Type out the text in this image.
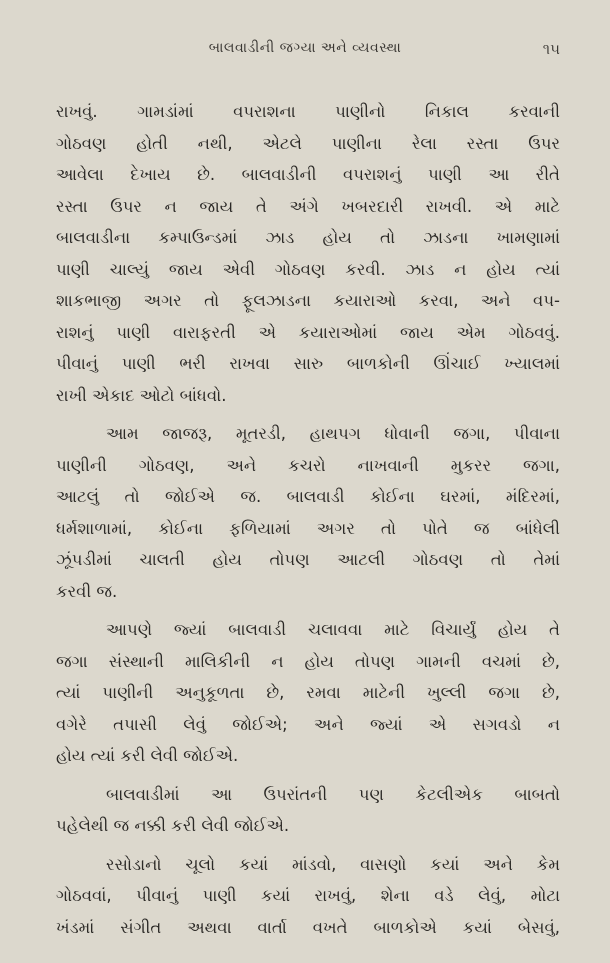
બાલવાડીની જગ્યા અને વ્યવસ્થા	૧૫

રાખવું. ગામડાંમાં વપરાશના પાણીનો નિકાલ કરવાની
ગોઠવણ હોતી નથી, એટલે પાણીના રેલા રસ્તા ઉપર
આવેલા દેખાય છે. બાલવાડીની વપરાશનું પાણી આ રીતે
રસ્તા ઉપર ન જાય તે અંગે ખબરદારી રાખવી. એ માટે
બાલવાડીના કમ્પાઉન્ડમાં ઝાડ હોય તો ઝાડના ખામણામાં
પાણી ચાલ્યું જાય એવી ગોઠવણ કરવી. ઝાડ ન હોય ત્યાં
શાકભાજી અગર તો ફૂલઝાડના કયારાઓ કરવા, અને વપ-
રાશનું પાણી વારાફરતી એ કયારાઓમાં જાય એમ ગોઠવવું.
પીવાનું પાણી ભરી રાખવા સારુ બાળકોની ઊંચાઈ ખ્યાલમાં
રાખી એકાદ ઓટો બાંધવો.

આમ જાજરૂ, મૂતરડી, હાથપગ ધોવાની જગા, પીવાના
પાણીની ગોઠવણ, અને કચરો નાખવાની મુકરર જગા,
આટલું તો જોઈએ જ. બાલવાડી કોઈના ઘરમાં, મંદિરમાં,
ધર્મશાળામાં, કોઈના ફળિયામાં અગર તો પોતે જ બાંધેલી
ઝૂંપડીમાં ચાલતી હોય તોપણ આટલી ગોઠવણ તો તેમાં
કરવી જ.

આપણે જ્યાં બાલવાડી ચલાવવા માટે વિચાર્યું હોય તે
જગા સંસ્થાની માલિકીની ન હોય તોપણ ગામની વચમાં છે,
ત્યાં પાણીની અનુકૂળતા છે, રમવા માટેની ખુલ્લી જગા છે,
વગેરે તપાસી લેવું જોઈએ; અને જ્યાં એ સગવડો ન
હોય ત્યાં કરી લેવી જોઈએ.

બાલવાડીમાં આ ઉપરાંતની પણ કેટલીએક બાબતો
પહેલેથી જ નક્કી કરી લેવી જોઈએ.

રસોડાનો ચૂલો કયાં માંડવો, વાસણો કયાં અને કેમ
ગોઠવવાં, પીવાનું પાણી કયાં રાખવું, શેના વડે લેવું, મોટા
ખંડમાં સંગીત અથવા વાર્તા વખતે બાળકોએ કયાં બેસવું,
